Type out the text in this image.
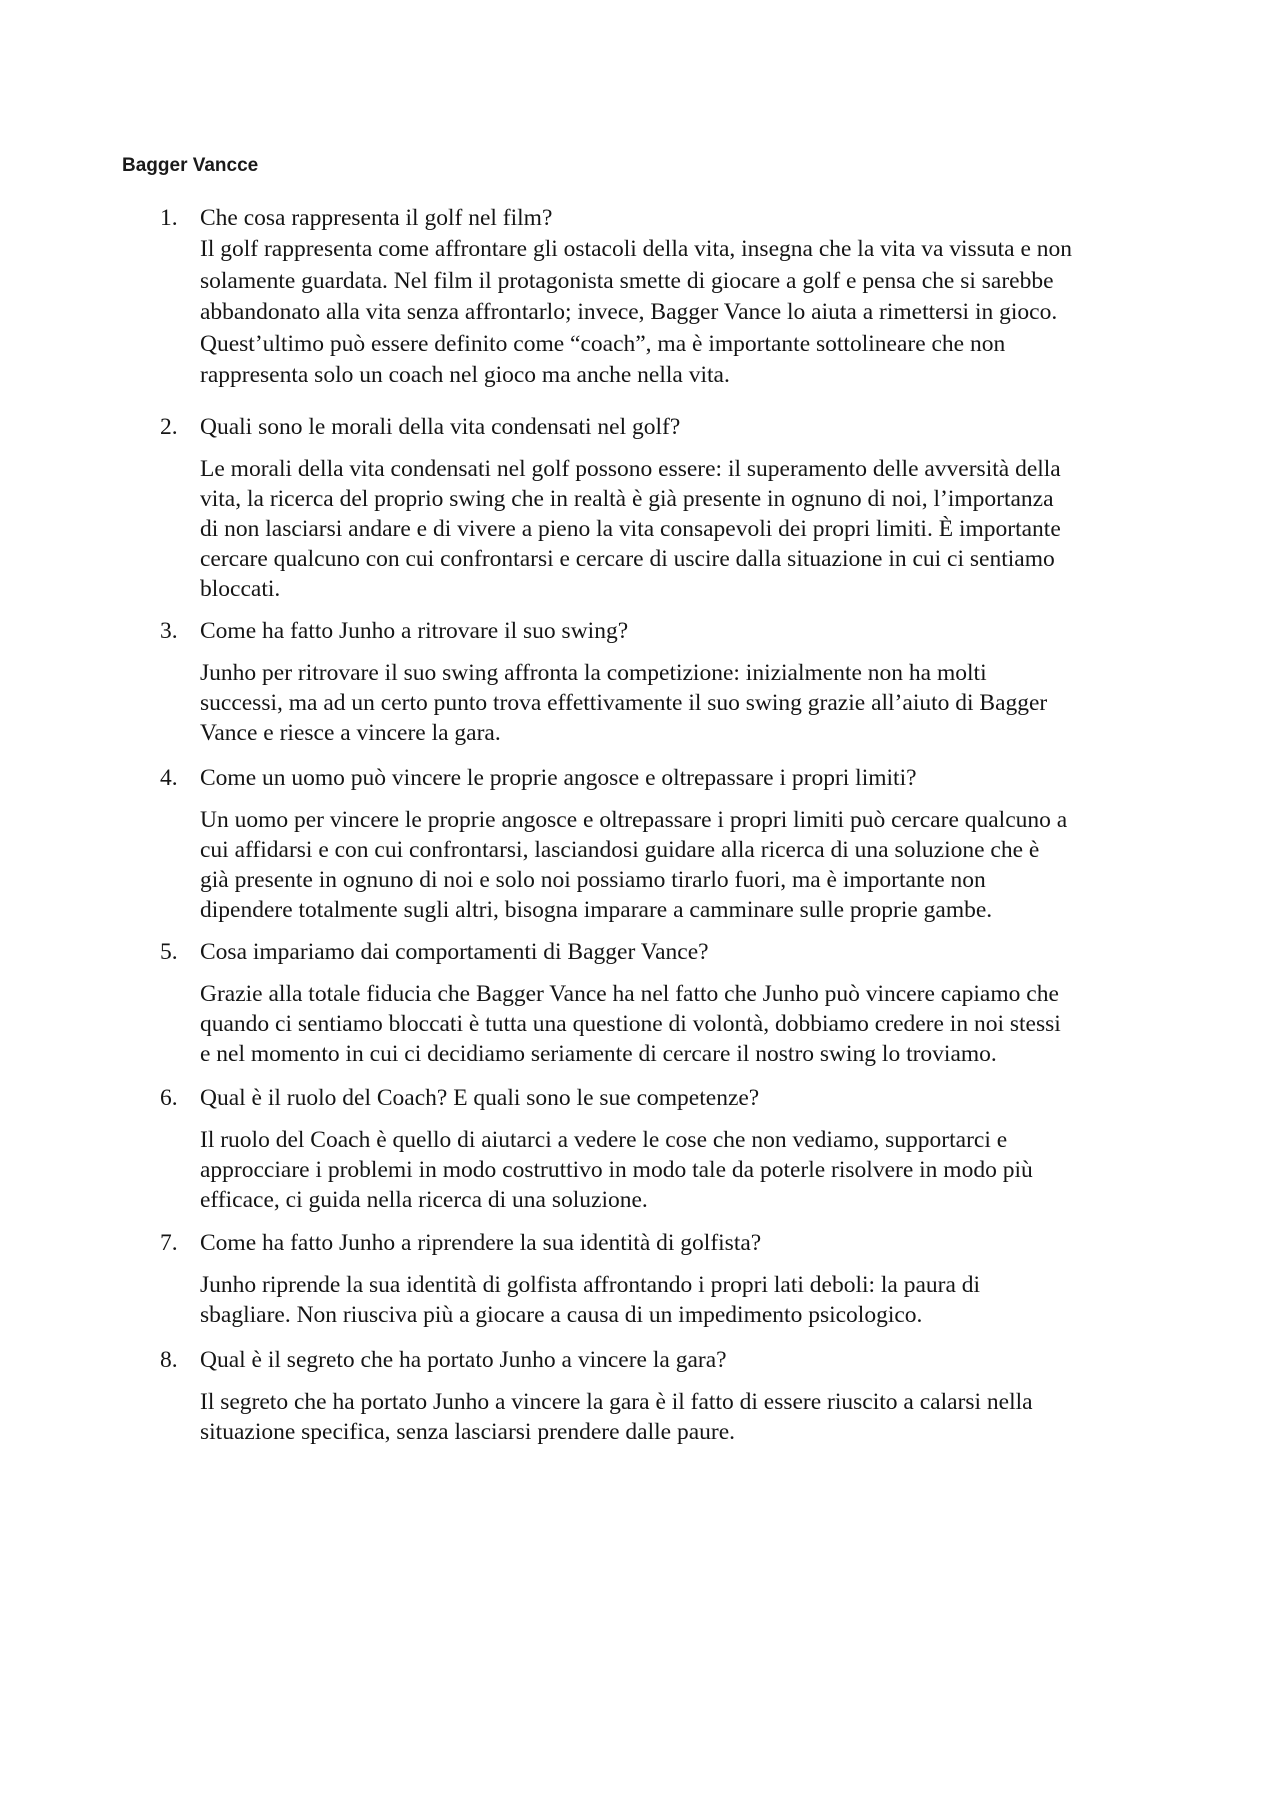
Bagger Vancce
1. Che cosa rappresenta il golf nel film?
Il golf rappresenta come affrontare gli ostacoli della vita, insegna che la vita va vissuta e non
solamente guardata. Nel film il protagonista smette di giocare a golf e pensa che si sarebbe
abbandonato alla vita senza affrontarlo; invece, Bagger Vance lo aiuta a rimettersi in gioco.
Quest’ultimo può essere definito come “coach”, ma è importante sottolineare che non
rappresenta solo un coach nel gioco ma anche nella vita.
2. Quali sono le morali della vita condensati nel golf?
Le morali della vita condensati nel golf possono essere: il superamento delle avversità della
vita, la ricerca del proprio swing che in realtà è già presente in ognuno di noi, l’importanza
di non lasciarsi andare e di vivere a pieno la vita consapevoli dei propri limiti. È importante
cercare qualcuno con cui confrontarsi e cercare di uscire dalla situazione in cui ci sentiamo
bloccati.
3. Come ha fatto Junho a ritrovare il suo swing?
Junho per ritrovare il suo swing affronta la competizione: inizialmente non ha molti
successi, ma ad un certo punto trova effettivamente il suo swing grazie all’aiuto di Bagger
Vance e riesce a vincere la gara.
4. Come un uomo può vincere le proprie angosce e oltrepassare i propri limiti?
Un uomo per vincere le proprie angosce e oltrepassare i propri limiti può cercare qualcuno a
cui affidarsi e con cui confrontarsi, lasciandosi guidare alla ricerca di una soluzione che è
già presente in ognuno di noi e solo noi possiamo tirarlo fuori, ma è importante non
dipendere totalmente sugli altri, bisogna imparare a camminare sulle proprie gambe.
5. Cosa impariamo dai comportamenti di Bagger Vance?
Grazie alla totale fiducia che Bagger Vance ha nel fatto che Junho può vincere capiamo che
quando ci sentiamo bloccati è tutta una questione di volontà, dobbiamo credere in noi stessi
e nel momento in cui ci decidiamo seriamente di cercare il nostro swing lo troviamo.
6. Qual è il ruolo del Coach? E quali sono le sue competenze?
Il ruolo del Coach è quello di aiutarci a vedere le cose che non vediamo, supportarci e
approcciare i problemi in modo costruttivo in modo tale da poterle risolvere in modo più
efficace, ci guida nella ricerca di una soluzione.
7. Come ha fatto Junho a riprendere la sua identità di golfista?
Junho riprende la sua identità di golfista affrontando i propri lati deboli: la paura di
sbagliare. Non riusciva più a giocare a causa di un impedimento psicologico.
8. Qual è il segreto che ha portato Junho a vincere la gara?
Il segreto che ha portato Junho a vincere la gara è il fatto di essere riuscito a calarsi nella
situazione specifica, senza lasciarsi prendere dalle paure.
